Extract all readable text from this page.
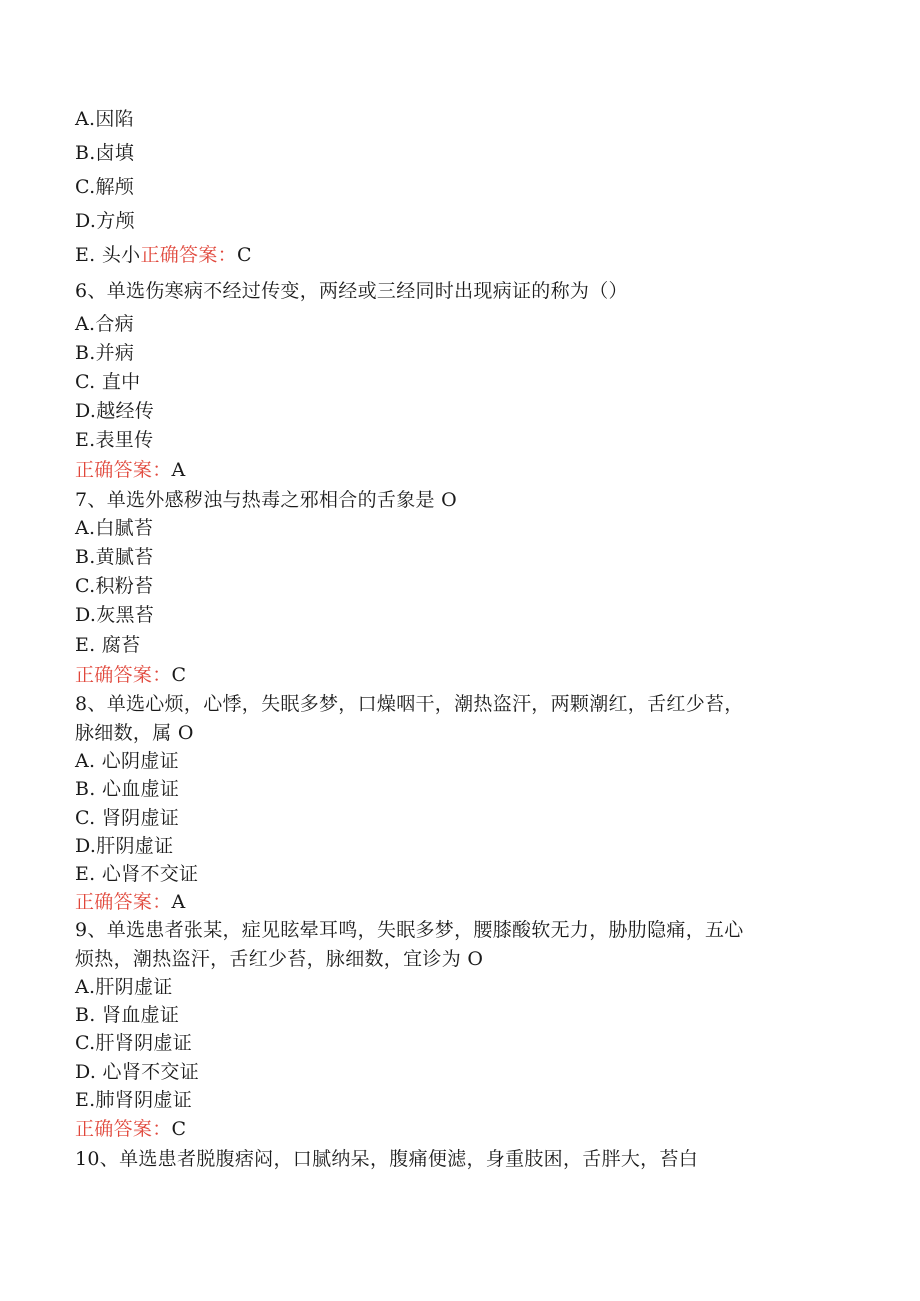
A.因陷
B.卤填
C.解颅
D.方颅
E. 头小正确答案：C
6、单选伤寒病不经过传变，两经或三经同时出现病证的称为（）
A.合病
B.并病
C. 直中
D.越经传
E.表里传
正确答案：A
7、单选外感秽浊与热毒之邪相合的舌象是 O
A.白腻苔
B.黄腻苔
C.积粉苔
D.灰黑苔
E. 腐苔
正确答案：C
8、单选心烦，心悸，失眠多梦，口燥咽干，潮热盗汗，两颗潮红，舌红少苔，
脉细数，属 O
A. 心阴虚证
B. 心血虚证
C. 肾阴虚证
D.肝阴虚证
E. 心肾不交证
正确答案：A
9、单选患者张某，症见眩晕耳鸣，失眠多梦，腰膝酸软无力，胁肋隐痛，五心
烦热，潮热盗汗，舌红少苔，脉细数，宜诊为 O
A.肝阴虚证
B. 肾血虚证
C.肝肾阴虚证
D. 心肾不交证
E.肺肾阴虚证
正确答案：C
10、单选患者脱腹痞闷，口腻纳呆，腹痛便滤，身重肢困，舌胖大，苔白
